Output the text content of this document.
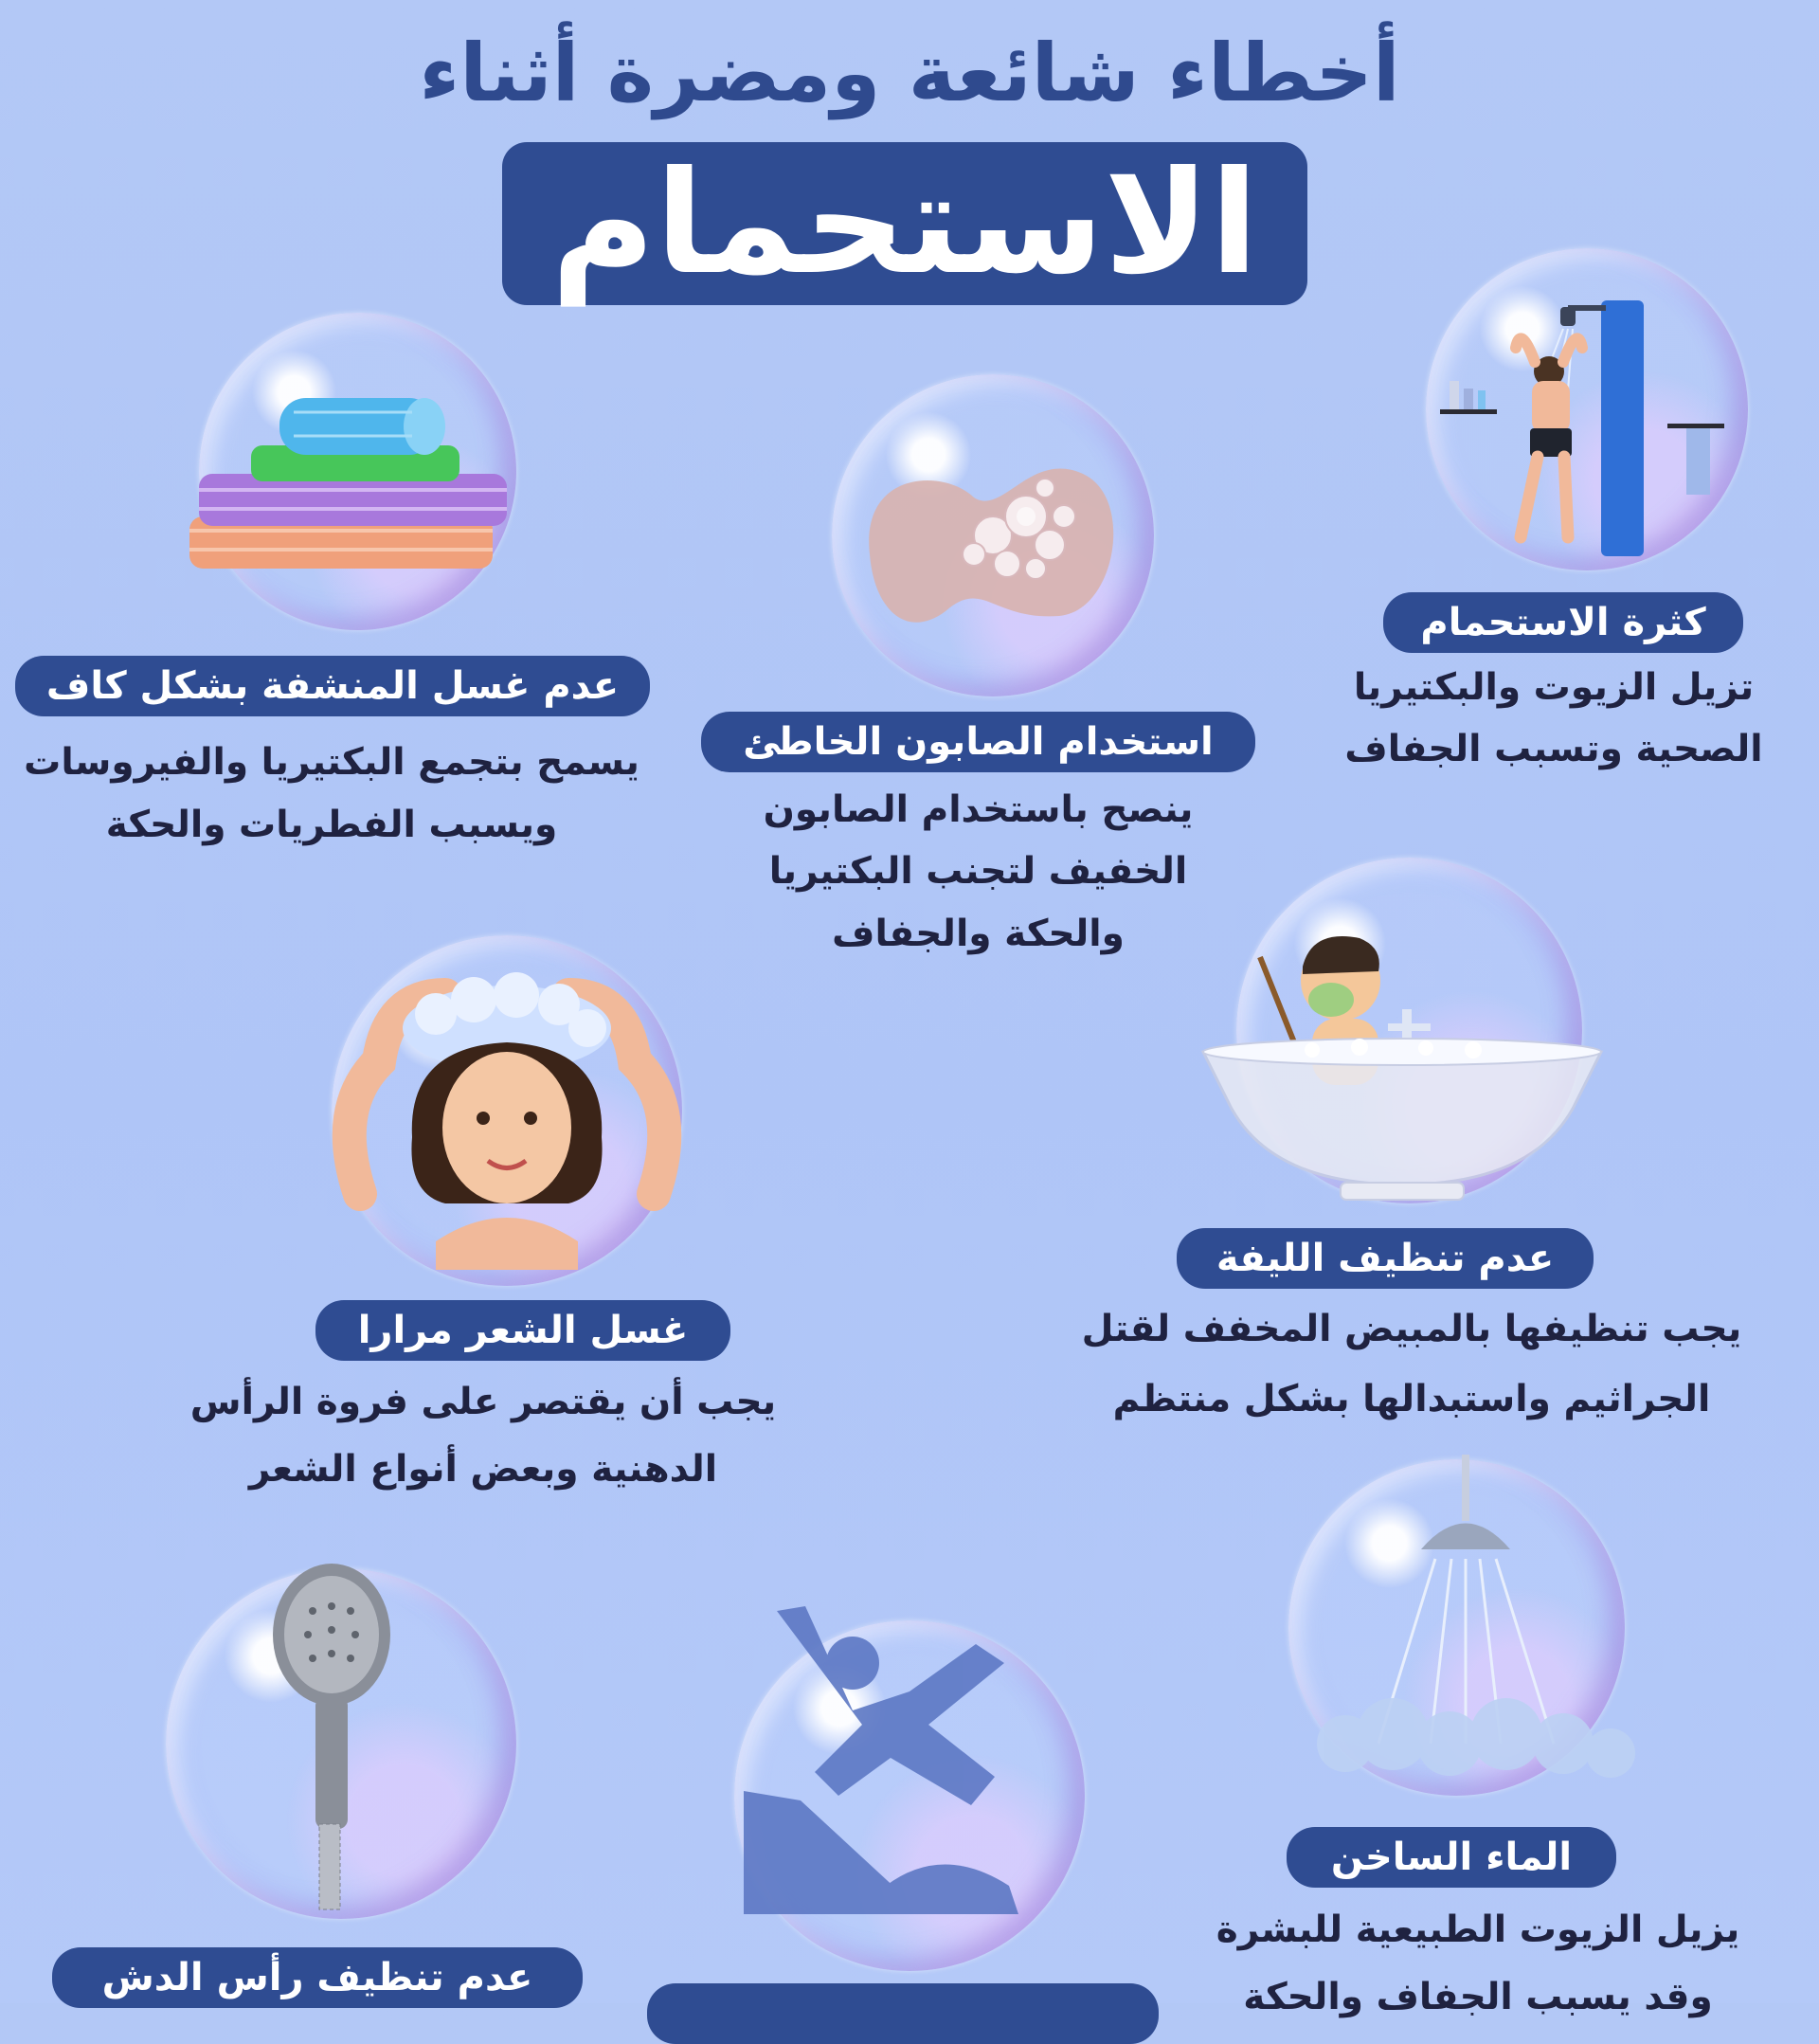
أخطاء شائعة ومضرة أثناء
الاستحمام
كثرة الاستحمام
تزيل الزيوت والبكتيريا
الصحية وتسبب الجفاف
استخدام الصابون الخاطئ
ينصح باستخدام الصابون
الخفيف لتجنب البكتيريا
والحكة والجفاف
عدم غسل المنشفة بشكل كاف
يسمح بتجمع البكتيريا والفيروسات
ويسبب الفطريات والحكة
عدم تنظيف الليفة
يجب تنظيفها بالمبيض المخفف لقتل
الجراثيم واستبدالها بشكل منتظم
غسل الشعر مرارا
يجب أن يقتصر على فروة الرأس
الدهنية وبعض أنواع الشعر
الماء الساخن
يزيل الزيوت الطبيعية للبشرة
وقد يسبب الجفاف والحكة
عدم تنظيف رأس الدش
